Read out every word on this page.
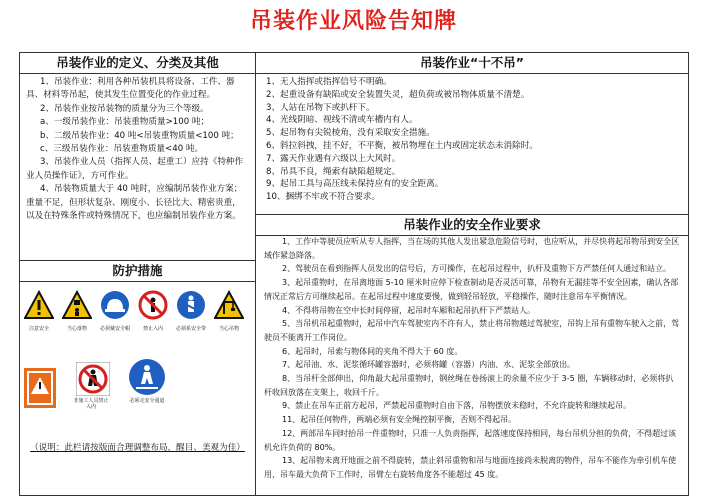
吊装作业风险告知牌
吊装作业的定义、分类及其他

1、吊装作业：利用各种吊装机具将设备、工件、器具、材料等吊起，使其发生位置变化的作业过程。

2、吊装作业按吊装物的质量分为三个等级。

a、一级吊装作业：吊装重物质量>100 吨；

b、二级吊装作业：40 吨<吊装重物质量<100 吨；

c、三级吊装作业：吊装重物质量<40 吨。

3、吊装作业人员（指挥人员、起重工）应持《特种作业人员操作证》，方可作业。

4、吊装物质量大于 40 吨时，应编制吊装作业方案；重量不足，但形状复杂、刚度小、长径比大、精密贵重，以及在特殊条件或特殊情况下，也应编制吊装作业方案。

防护措施
注意安全	当心落物	必须戴安全帽	禁止入内	必须系安全带	当心吊物
非施工人员禁止入内
必须走安全通道
（说明：此栏请按版面合理调整布局，醒目、美观为佳）
吊装作业“十不吊”

1、无人指挥或指挥信号不明确。

2、起重设备有缺陷或安全装置失灵，超负荷或被吊物体质量不清楚。

3、人站在吊物下或扒杆下。

4、光线阴暗、视线不清或车槽内有人。

5、起吊物有尖锐棱角，没有采取安全措施。

6、斜拉斜拽，挂不好，不平衡，被吊物埋在土内或固定状态未消除时。

7、露天作业遇有六级以上大风时。

8、吊具不良，绳索有缺陷超规定。

9、起吊工具与高压线未保持应有的安全距离。

10、捆绑不牢或不符合要求。

吊装作业的安全作业要求

1、工作中等驶员应听从专人指挥，当在场的其他人发出紧急危险信号时，也应听从，并尽快将起吊物吊到安全区域作紧急降落。

2、驾驶员在看到指挥人员发出的信号后，方可操作，在起吊过程中，扒杆及重物下方严禁任何人通过和站立。

3、起吊重物时，在吊离地面 5-10 厘米时应停下检查制动是否灵活可靠，吊物有无漏挂等不安全因素，确认各部情况正常后方可继续起吊。在起吊过程中速度要慢，做到轻吊轻放，平稳操作，随时注意吊车平衡情况。

4、不得将吊物在空中长时间停留，起吊时车厢和起吊扒杆下严禁站人。

5、当吊机吊起重物时，起吊中汽车驾驶室内不许有人，禁止将吊物越过驾驶室，吊钩上吊有重物车驶入之前，驾驶员不能离开工作岗位。

6、起吊时，吊索与物体间的夹角不得大于 60 度。

7、起吊油、水、泥浆循环罐容器时，必须将罐（容器）内油、水、泥浆全部放出。

8、当吊杆全部伸出，仰角最大起吊重物时，钢丝绳在卷扬滚上的余量不应少于 3-5 圈，车辆移动时，必须将扒杆收回放落在支架上，收回千斤。

9、禁止在吊车正前方起吊，严禁起吊重物时自由下落，吊物摆放未稳时，不允许旋转和继续起吊。

11、起吊任何物件，两端必须有安全绳控制平衡，否则不得起吊。

12、两部吊车同时抬吊一件重物时，只准一人负责指挥，起落速度保持相同，每台吊机分担的负荷，不得超过该机允许负荷的 80%。

13、起吊物未离开地面之前不得旋转，禁止斜吊重物和吊与地面连接尚未脱离的物件，吊车不能作为牵引机车使用，吊车最大负荷下工作时，吊臂左右旋转角度各不能超过 45 度。
